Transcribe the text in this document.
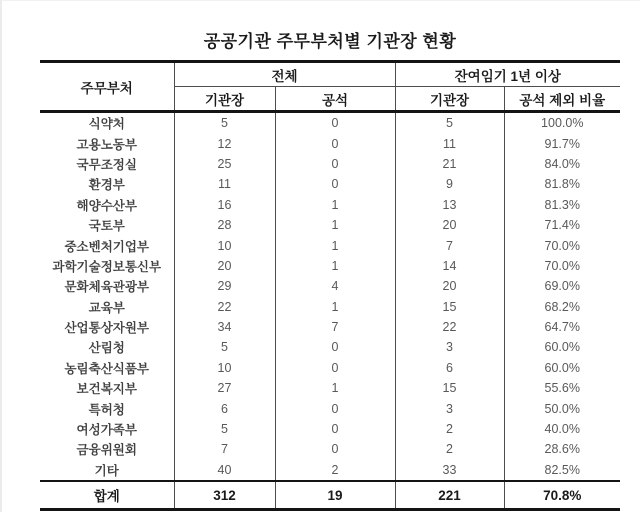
공공기관 주무부처별 기관장 현황
주무부처	전체		잔여임기 1년 이상	
	기관장	공석	기관장	공석 제외 비율
식약처	5	0	5	100.0%
고용노동부	12	0	11	91.7%
국무조정실	25	0	21	84.0%
환경부	11	0	9	81.8%
해양수산부	16	1	13	81.3%
국토부	28	1	20	71.4%
중소벤처기업부	10	1	7	70.0%
과학기술정보통신부	20	1	14	70.0%
문화체육관광부	29	4	20	69.0%
교육부	22	1	15	68.2%
산업통상자원부	34	7	22	64.7%
산림청	5	0	3	60.0%
농림축산식품부	10	0	6	60.0%
보건복지부	27	1	15	55.6%
특허청	6	0	3	50.0%
여성가족부	5	0	2	40.0%
금융위원회	7	0	2	28.6%
기타	40	2	33	82.5%
합계	312	19	221	70.8%
